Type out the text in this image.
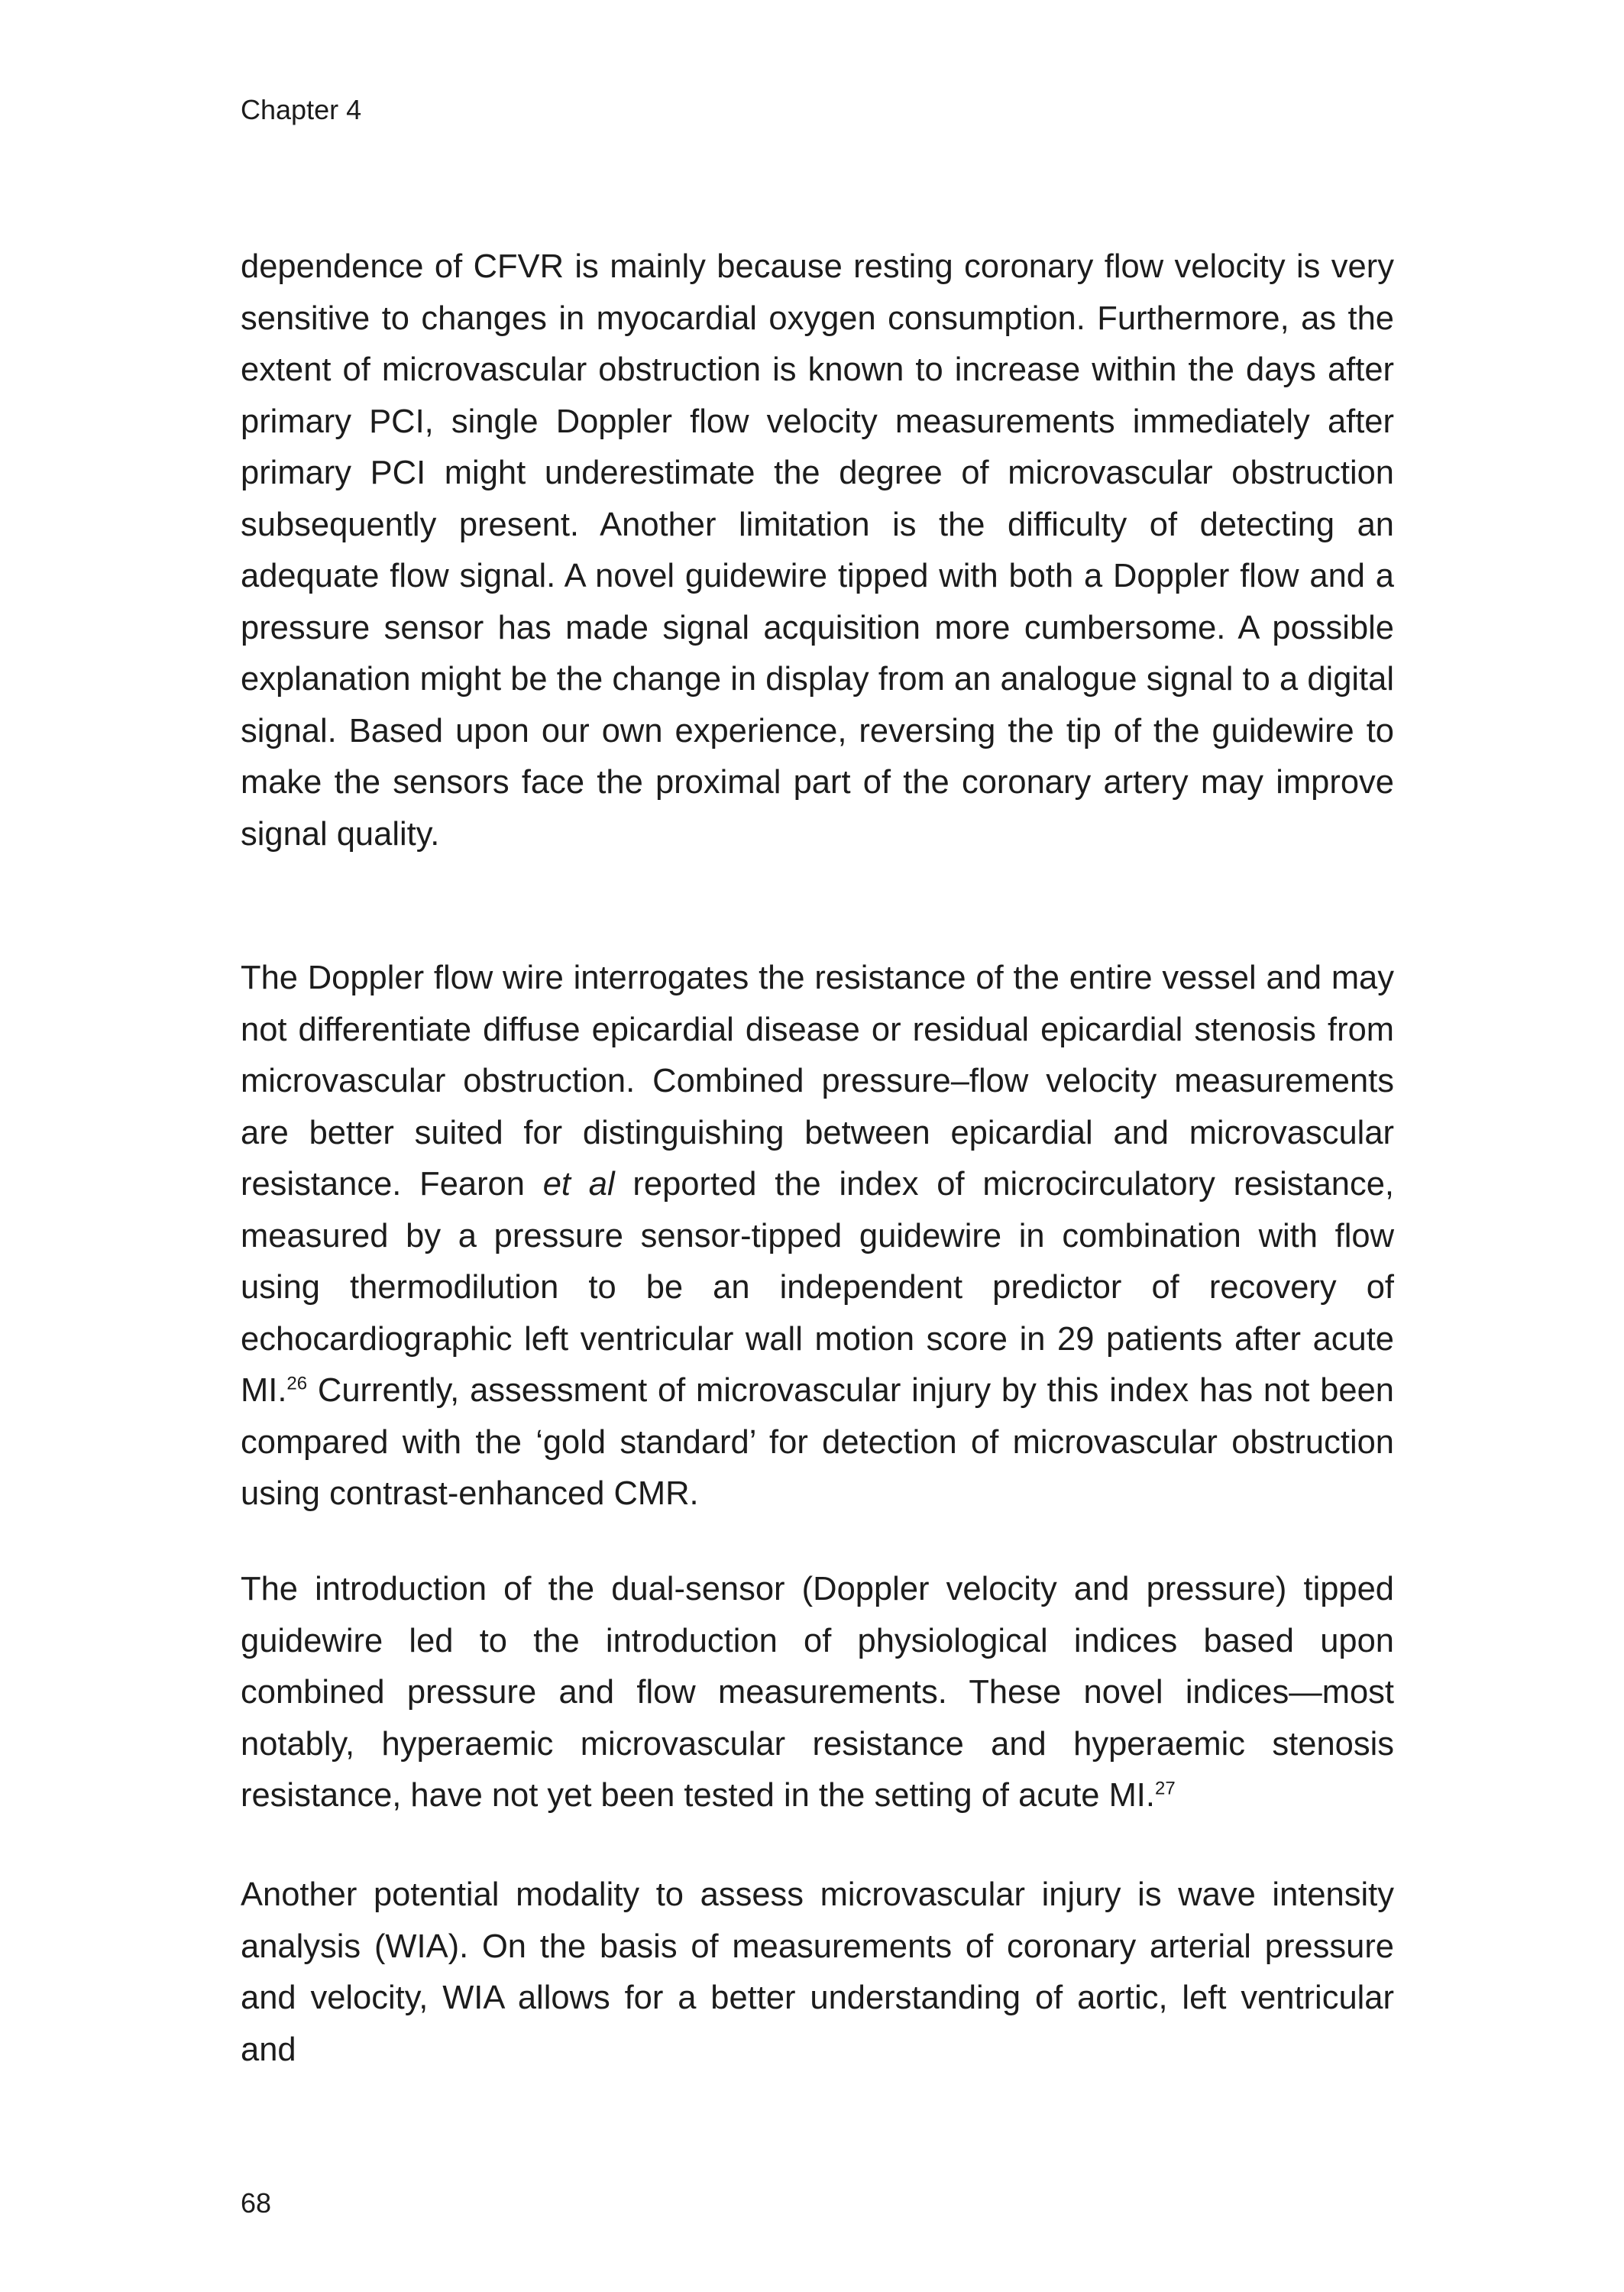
Chapter 4

dependence of CFVR is mainly because resting coronary flow velocity is very sensitive to changes in myocardial oxygen consumption. Furthermore, as the extent of microvascular obstruction is known to increase within the days after primary PCI, single Doppler flow velocity measurements immediately after primary PCI might underestimate the degree of microvascular obstruction subsequently present. Another limitation is the difficulty of detecting an adequate flow signal. A novel guidewire tipped with both a Doppler flow and a pressure sensor has made signal acquisition more cumbersome. A possible explanation might be the change in display from an analogue signal to a digital signal. Based upon our own experience, reversing the tip of the guidewire to make the sensors face the proximal part of the coronary artery may improve signal quality.

The Doppler flow wire interrogates the resistance of the entire vessel and may not differentiate diffuse epicardial disease or residual epicardial stenosis from microvascular obstruction. Combined pressure–flow velocity measurements are better suited for distinguishing between epicardial and microvascular resistance. Fearon et al reported the index of microcirculatory resistance, measured by a pressure sensor-tipped guidewire in combination with flow using thermodilution to be an independent predictor of recovery of echocardiographic left ventricular wall motion score in 29 patients after acute MI.$^{26}$ Currently, assessment of microvascular injury by this index has not been compared with the ‘gold standard’ for detection of microvascular obstruction using contrast-enhanced CMR.

The introduction of the dual-sensor (Doppler velocity and pressure) tipped guidewire led to the introduction of physiological indices based upon combined pressure and flow measurements. These novel indices—most notably, hyperaemic microvascular resistance and hyperaemic stenosis resistance, have not yet been tested in the setting of acute MI.$^{27}$

Another potential modality to assess microvascular injury is wave intensity analysis (WIA). On the basis of measurements of coronary arterial pressure and velocity, WIA allows for a better understanding of aortic, left ventricular and

68
